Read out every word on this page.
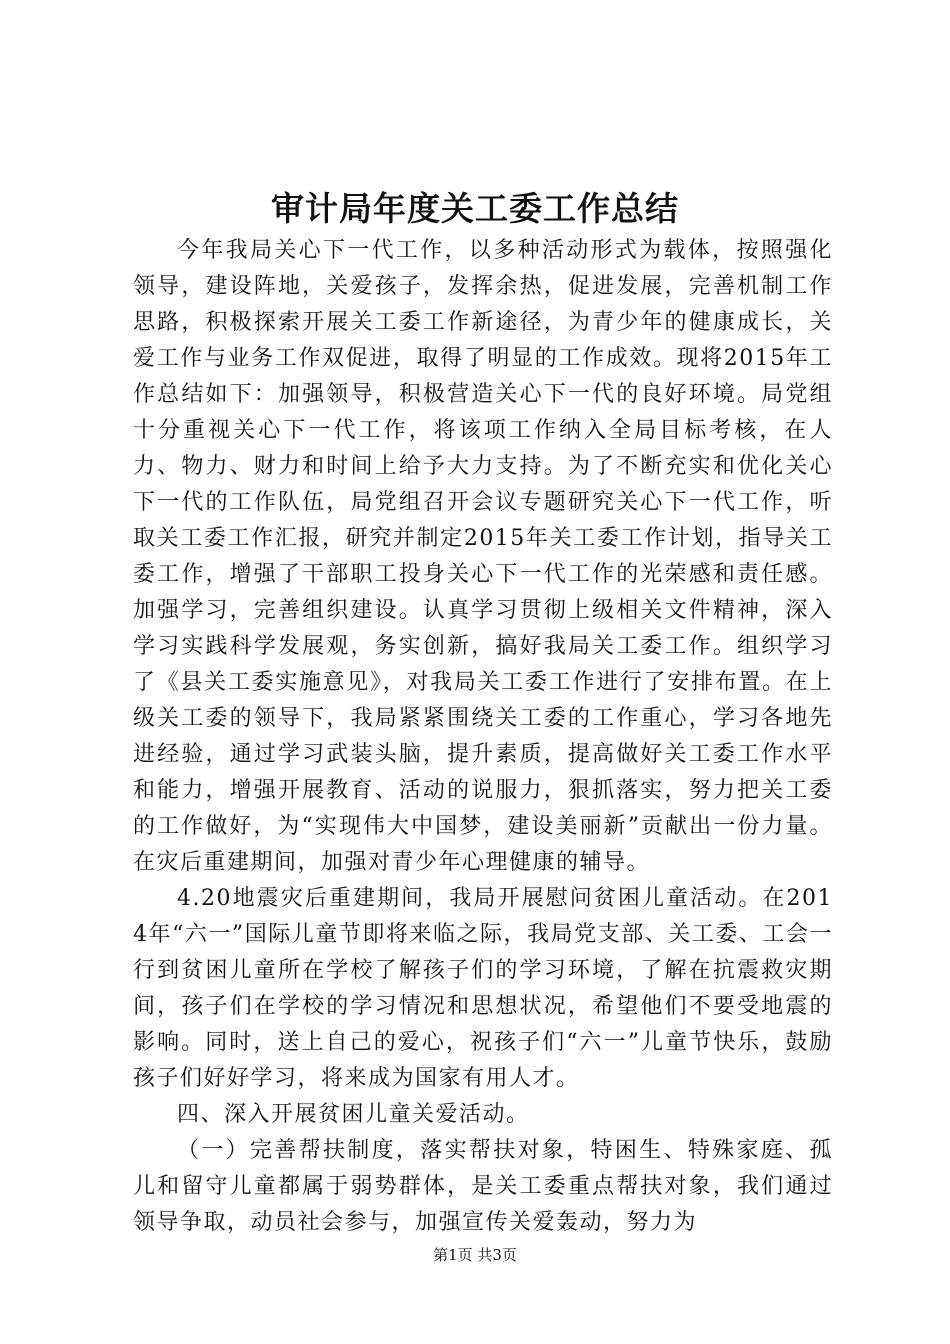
审计局年度关工委工作总结

今年我局关心下一代工作，以多种活动形式为载体，按照强化领导，建设阵地，关爱孩子，发挥余热，促进发展，完善机制工作思路，积极探索开展关工委工作新途径，为青少年的健康成长，关爱工作与业务工作双促进，取得了明显的工作成效。现将2015年工作总结如下：加强领导，积极营造关心下一代的良好环境。局党组十分重视关心下一代工作，将该项工作纳入全局目标考核，在人力、物力、财力和时间上给予大力支持。为了不断充实和优化关心下一代的工作队伍，局党组召开会议专题研究关心下一代工作，听取关工委工作汇报，研究并制定2015年关工委工作计划，指导关工委工作，增强了干部职工投身关心下一代工作的光荣感和责任感。加强学习，完善组织建设。认真学习贯彻上级相关文件精神，深入学习实践科学发展观，务实创新，搞好我局关工委工作。组织学习了《县关工委实施意见》，对我局关工委工作进行了安排布置。在上级关工委的领导下，我局紧紧围绕关工委的工作重心，学习各地先进经验，通过学习武装头脑，提升素质，提高做好关工委工作水平和能力，增强开展教育、活动的说服力，狠抓落实，努力把关工委的工作做好，为“实现伟大中国梦，建设美丽新”贡献出一份力量。在灾后重建期间，加强对青少年心理健康的辅导。

4.20地震灾后重建期间，我局开展慰问贫困儿童活动。在2014年“六一”国际儿童节即将来临之际，我局党支部、关工委、工会一行到贫困儿童所在学校了解孩子们的学习环境，了解在抗震救灾期间，孩子们在学校的学习情况和思想状况，希望他们不要受地震的影响。同时，送上自己的爱心，祝孩子们“六一”儿童节快乐，鼓励孩子们好好学习，将来成为国家有用人才。

四、深入开展贫困儿童关爱活动。

（一）完善帮扶制度，落实帮扶对象，特困生、特殊家庭、孤儿和留守儿童都属于弱势群体，是关工委重点帮扶对象，我们通过领导争取，动员社会参与，加强宣传关爱轰动，努力为

第1页 共3页
